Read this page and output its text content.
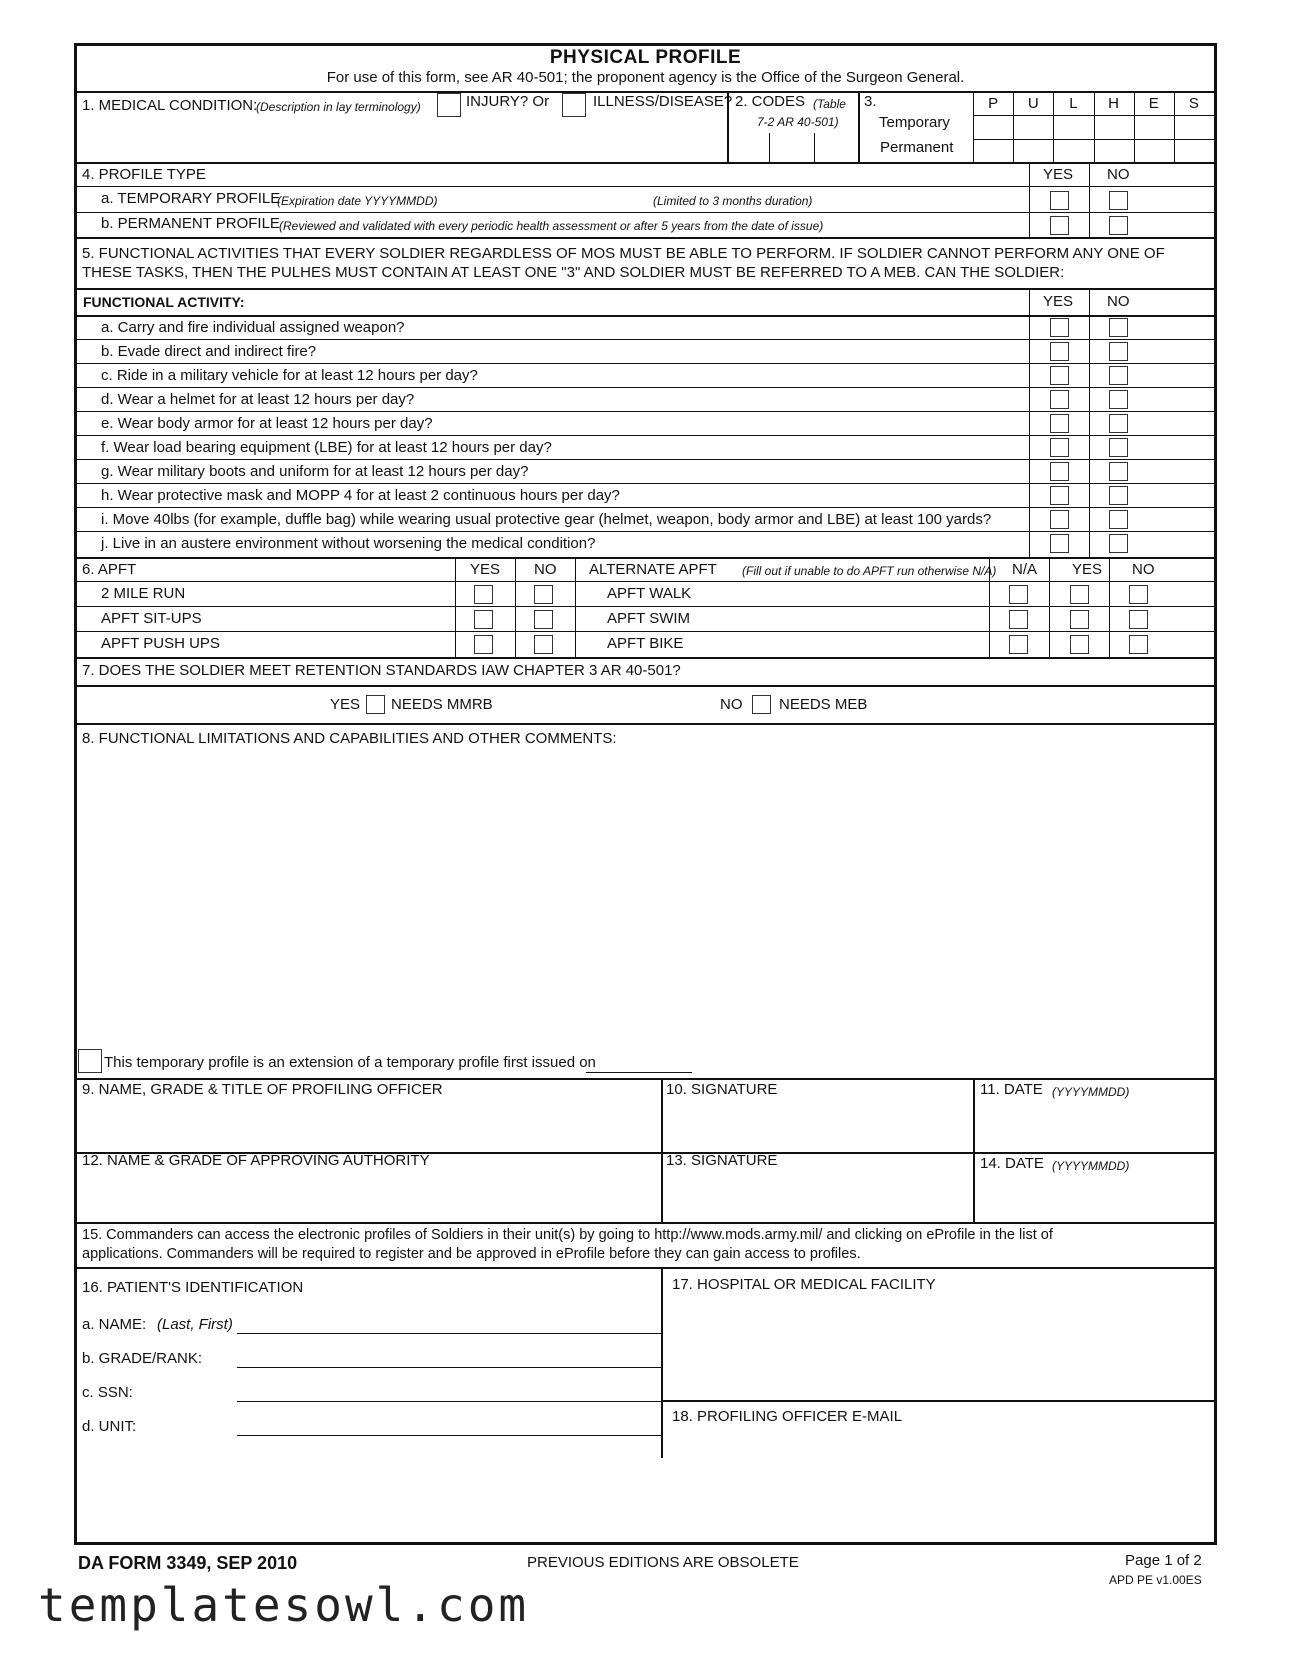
PHYSICAL PROFILE
For use of this form, see AR 40-501; the proponent agency is the Office of the Surgeon General.
1. MEDICAL CONDITION:
(Description in lay terminology)	INJURY? Or	ILLNESS/DISEASE? 2. CODES (Table
7-2 AR 40-501)
3.
Temporary
Permanent
P	U	L	H	E	S
4. PROFILE TYPE	YES NO
a. TEMPORARY PROFILE
(Expiration date YYYYMMDD)	(Limited to 3 months duration)
b. PERMANENT PROFILE (Reviewed and validated with every periodic health assessment or after 5 years from the date of issue)
5. FUNCTIONAL ACTIVITIES THAT EVERY SOLDIER REGARDLESS OF MOS MUST BE ABLE TO PERFORM. IF SOLDIER CANNOT PERFORM ANY ONE OF
THESE TASKS, THEN THE PULHES MUST CONTAIN AT LEAST ONE "3" AND SOLDIER MUST BE REFERRED TO A MEB. CAN THE SOLDIER:
FUNCTIONAL ACTIVITY:	YES NO
6. APFT	YES NO ALTERNATE APFT (Fill out if unable to do APFT run otherwise N/A) N/A YES NO
7. DOES THE SOLDIER MEET RETENTION STANDARDS IAW CHAPTER 3 AR 40-501?
YES NEEDS MMRB	NO NEEDS MEB
8. FUNCTIONAL LIMITATIONS AND CAPABILITIES AND OTHER COMMENTS:
This temporary profile is an extension of a temporary profile first issued on
9. NAME, GRADE & TITLE OF PROFILING OFFICER	10. SIGNATURE	11. DATE (YYYYMMDD)
12. NAME & GRADE OF APPROVING AUTHORITY	13. SIGNATURE	14. DATE (YYYYMMDD)
15. Commanders can access the electronic profiles of Soldiers in their unit(s) by going to http://www.mods.army.mil/ and clicking on eProfile in the list of
applications. Commanders will be required to register and be approved in eProfile before they can gain access to profiles.
16. PATIENT'S IDENTIFICATION
a. NAME: (Last, First)
b. GRADE/RANK:
c. SSN:
d. UNIT:
17. HOSPITAL OR MEDICAL FACILITY
18. PROFILING OFFICER E-MAIL
a. Carry and fire individual assigned weapon?
b. Evade direct and indirect fire?
c. Ride in a military vehicle for at least 12 hours per day?
d. Wear a helmet for at least 12 hours per day?
e. Wear body armor for at least 12 hours per day?
f. Wear load bearing equipment (LBE) for at least 12 hours per day?
g. Wear military boots and uniform for at least 12 hours per day?
h. Wear protective mask and MOPP 4 for at least 2 continuous hours per day?
i. Move 40lbs (for example, duffle bag) while wearing usual protective gear (helmet, weapon, body armor and LBE) at least 100 yards?
j. Live in an austere environment without worsening the medical condition?
2 MILE RUN	APFT WALK
APFT SIT-UPS	APFT SWIM
APFT PUSH UPS	APFT BIKE
DA FORM 3349, SEP 2010	PREVIOUS EDITIONS ARE OBSOLETE	Page 1 of 2
APD PE v1.00ES
templatesowl.com
